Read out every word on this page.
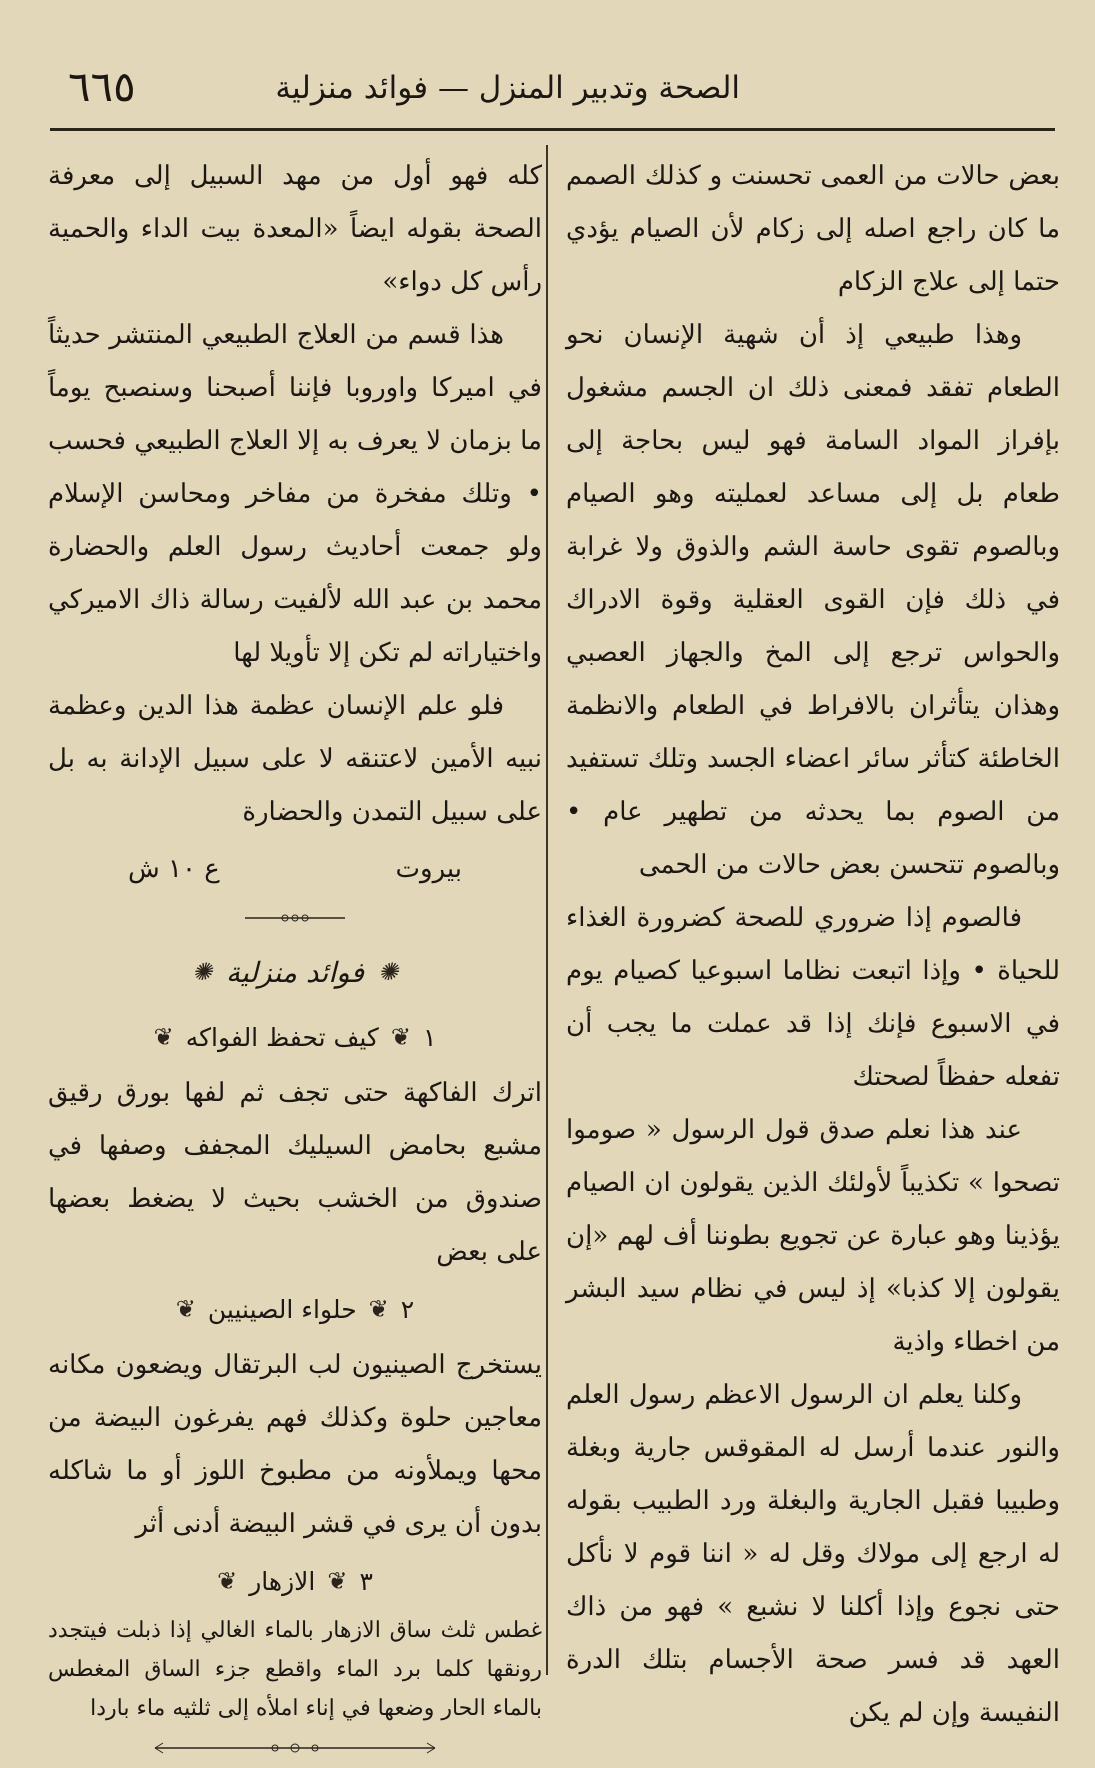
٦٦٥	الصحة وتدبير المنزل — فوائد منزلية

بعض حالات من العمى تحسنت و كذلك الصمم ما كان راجع اصله إلى زكام لأن الصيام يؤدي حتما إلى علاج الزكام

وهذا طبيعي إذ أن شهية الإنسان نحو الطعام تفقد فمعنى ذلك ان الجسم مشغول بإفراز المواد السامة فهو ليس بحاجة إلى طعام بل إلى مساعد لعمليته وهو الصيام وبالصوم تقوى حاسة الشم والذوق ولا غرابة في ذلك فإن القوى العقلية وقوة الادراك والحواس ترجع إلى المخ والجهاز العصبي وهذان يتأثران بالافراط في الطعام والانظمة الخاطئة كتأثر سائر اعضاء الجسد وتلك تستفيد من الصوم بما يحدثه من تطهير عام • وبالصوم تتحسن بعض حالات من الحمى

فالصوم إذا ضروري للصحة كضرورة الغذاء للحياة • وإذا اتبعت نظاما اسبوعيا كصيام يوم في الاسبوع فإنك إذا قد عملت ما يجب أن تفعله حفظاً لصحتك

عند هذا نعلم صدق قول الرسول « صوموا تصحوا » تكذيباً لأولئك الذين يقولون ان الصيام يؤذينا وهو عبارة عن تجويع بطوننا أف لهم «إن يقولون إلا كذبا» إذ ليس في نظام سيد البشر من اخطاء واذية

وكلنا يعلم ان الرسول الاعظم رسول العلم والنور عندما أرسل له المقوقس جارية وبغلة وطبيبا فقبل الجارية والبغلة ورد الطبيب بقوله له ارجع إلى مولاك وقل له « اننا قوم لا نأكل حتى نجوع وإذا أكلنا لا نشبع » فهو من ذاك العهد قد فسر صحة الأجسام بتلك الدرة النفيسة وإن لم يكن

كله فهو أول من مهد السبيل إلى معرفة الصحة بقوله ايضاً «المعدة بيت الداء والحمية رأس كل دواء»

هذا قسم من العلاج الطبيعي المنتشر حديثاً في اميركا واوروبا فإننا أصبحنا وسنصبح يوماً ما بزمان لا يعرف به إلا العلاج الطبيعي فحسب • وتلك مفخرة من مفاخر ومحاسن الإسلام ولو جمعت أحاديث رسول العلم والحضارة محمد بن عبد الله لألفيت رسالة ذاك الاميركي واختياراته لم تكن إلا تأويلا لها

فلو علم الإنسان عظمة هذا الدين وعظمة نبيه الأمين لاعتنقه لا على سبيل الإدانة به بل على سبيل التمدن والحضارة

بيروت
ع ١٠ ش
✺
فوائد منزلية
✺
١
❦
كيف تحفظ الفواكه
❦

اترك الفاكهة حتى تجف ثم لفها بورق رقيق مشبع بحامض السيليك المجفف وصفها في صندوق من الخشب بحيث لا يضغط بعضها على بعض

٢
❦
حلواء الصينيين
❦

يستخرج الصينيون لب البرتقال ويضعون مكانه معاجين حلوة وكذلك فهم يفرغون البيضة من محها ويملأونه من مطبوخ اللوز أو ما شاكله بدون أن يرى في قشر البيضة أدنى أثر

٣
❦
الازهار
❦

غطس ثلث ساق الازهار بالماء الغالي إذا ذبلت فيتجدد رونقها كلما برد الماء واقطع جزء الساق المغطس بالماء الحار وضعها في إناء املأه إلى ثلثيه ماء باردا
